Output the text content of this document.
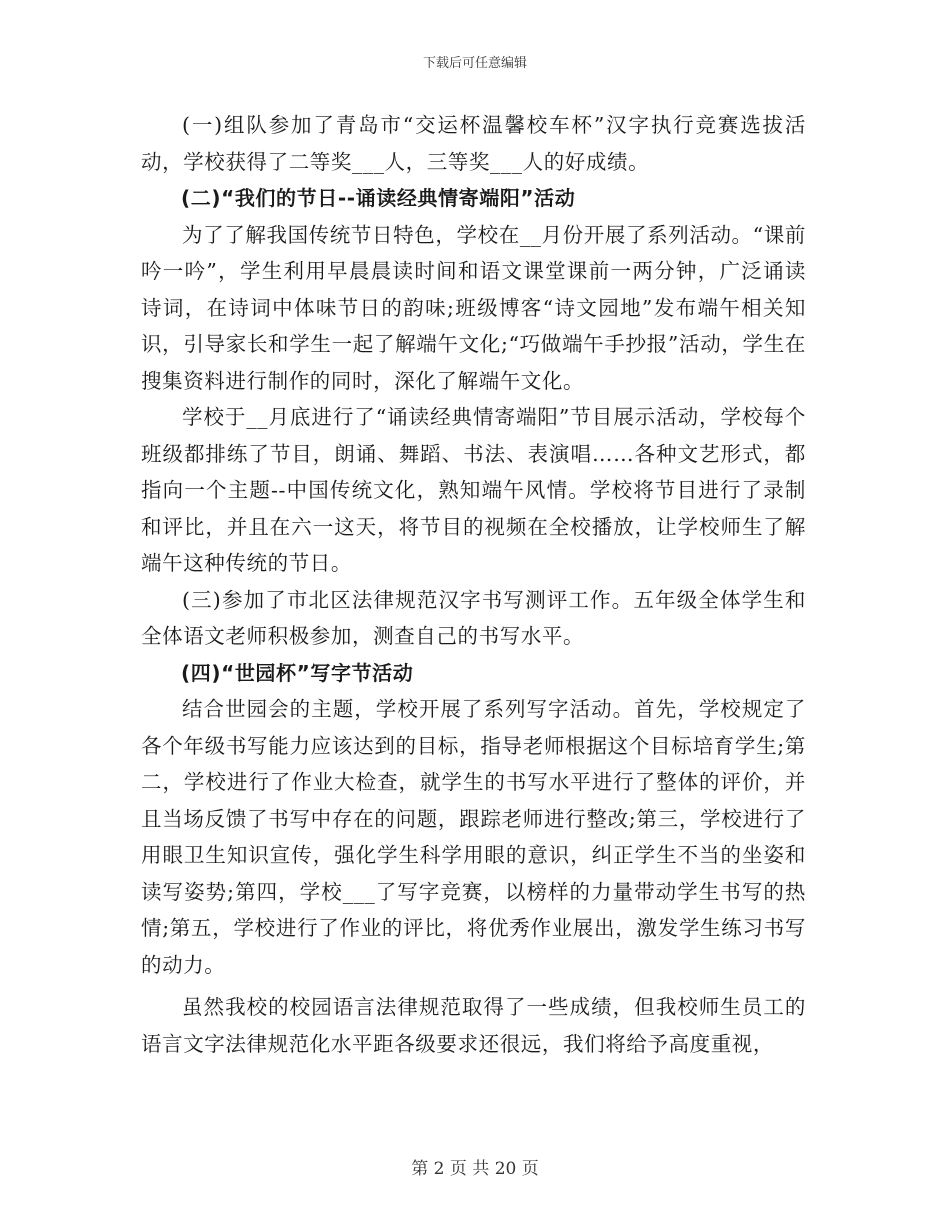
下载后可任意编辑

(一)组队参加了青岛市“交运杯温馨校车杯”汉字执行竞赛选拔活动，学校获得了二等奖___人，三等奖___人的好成绩。

(二)“我们的节日--诵读经典情寄端阳”活动

为了了解我国传统节日特色，学校在__月份开展了系列活动。“课前吟一吟”，学生利用早晨晨读时间和语文课堂课前一两分钟，广泛诵读诗词，在诗词中体味节日的韵味;班级博客“诗文园地”发布端午相关知识，引导家长和学生一起了解端午文化;“巧做端午手抄报”活动，学生在搜集资料进行制作的同时，深化了解端午文化。

学校于__月底进行了“诵读经典情寄端阳”节目展示活动，学校每个班级都排练了节目，朗诵、舞蹈、书法、表演唱……各种文艺形式，都指向一个主题--中国传统文化，熟知端午风情。学校将节目进行了录制和评比，并且在六一这天，将节目的视频在全校播放，让学校师生了解端午这种传统的节日。

(三)参加了市北区法律规范汉字书写测评工作。五年级全体学生和全体语文老师积极参加，测查自己的书写水平。

(四)“世园杯”写字节活动

结合世园会的主题，学校开展了系列写字活动。首先，学校规定了各个年级书写能力应该达到的目标，指导老师根据这个目标培育学生;第二，学校进行了作业大检查，就学生的书写水平进行了整体的评价，并且当场反馈了书写中存在的问题，跟踪老师进行整改;第三，学校进行了用眼卫生知识宣传，强化学生科学用眼的意识，纠正学生不当的坐姿和读写姿势;第四，学校___了写字竞赛，以榜样的力量带动学生书写的热情;第五，学校进行了作业的评比，将优秀作业展出，激发学生练习书写的动力。

虽然我校的校园语言法律规范取得了一些成绩，但我校师生员工的语言文字法律规范化水平距各级要求还很远，我们将给予高度重视，

第 2 页 共 20 页
